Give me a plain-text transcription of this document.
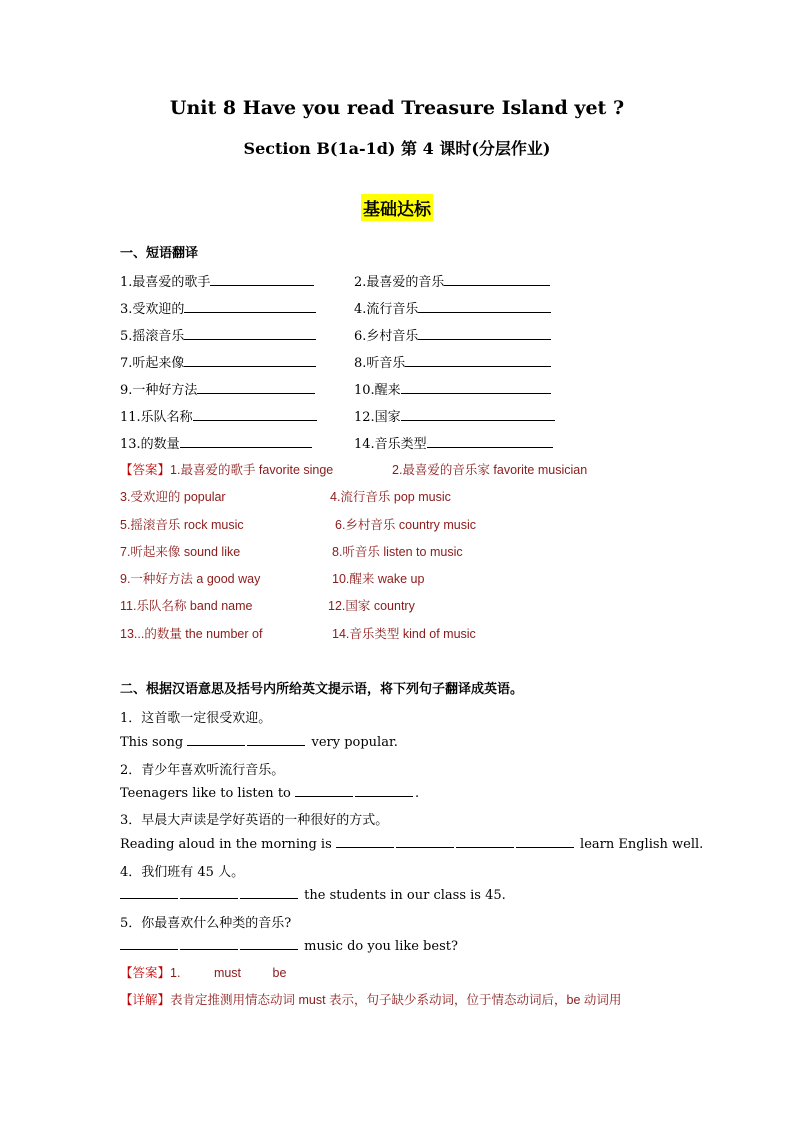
Unit 8 Have you read Treasure Island yet ?
Section B(1a-1d) 第 4 课时(分层作业)
基础达标
一、短语翻译
1.最喜爱的歌手	2.最喜爱的音乐
3.受欢迎的	4.流行音乐
5.摇滚音乐	6.乡村音乐
7.听起来像	8.听音乐
9.一种好方法	10.醒来
11.乐队名称	12.国家
13.的数量	14.音乐类型
【答案】1.最喜爱的歌手 favorite singe	2.最喜爱的音乐家 favorite musician
3.受欢迎的 popular	4.流行音乐 pop music
5.摇滚音乐 rock music	6.乡村音乐 country music
7.听起来像 sound like	8.听音乐 listen to music
9.一种好方法 a good way	10.醒来 wake up
11.乐队名称 band name	12.国家 country
13...的数量 the number of	14.音乐类型 kind of music
二、根据汉语意思及括号内所给英文提示语，将下列句子翻译成英语。
1．这首歌一定很受欢迎。
This song	very popular.
2．青少年喜欢听流行音乐。
Teenagers like to listen to	.
3．早晨大声读是学好英语的一种很好的方式。
Reading aloud in the morning is	learn English well.
4．我们班有 45 人。
the students in our class is 45.
5．你最喜欢什么种类的音乐?
music do you like best?
【答案】1.	must	be
【详解】表肯定推测用情态动词 must 表示，句子缺少系动词，位于情态动词后，be 动词用
